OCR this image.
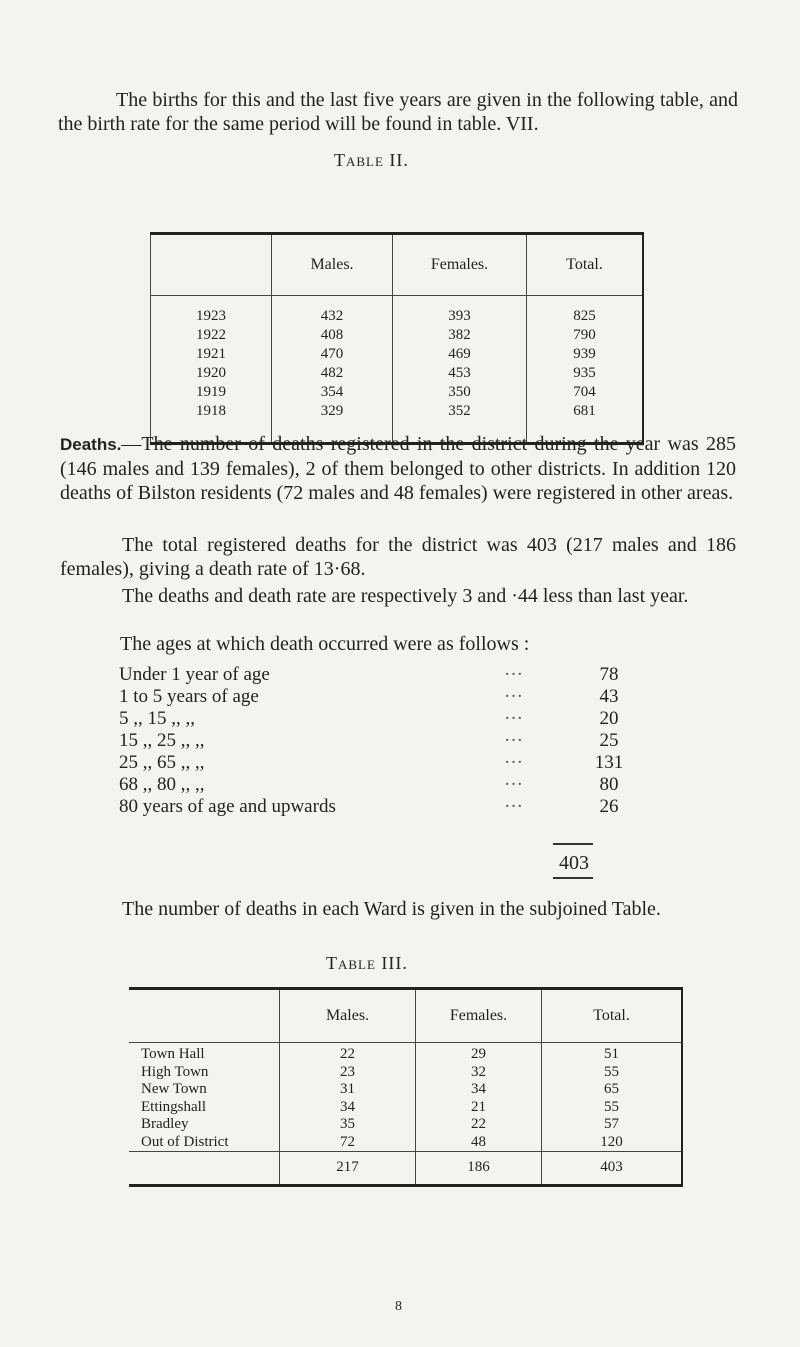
The births for this and the last five years are given in the following table, and the birth rate for the same period will be found in table. VII.

Table II.
	Males.	Females.	Total.
1923	432	393	825
1922	408	382	790
1921	470	469	939
1920	482	453	935
1919	354	350	704
1918	329	352	681

Deaths.—The number of deaths registered in the district during the year was 285 (146 males and 139 females), 2 of them belonged to other districts. In addition 120 deaths of Bilston residents (72 males and 48 females) were registered in other areas.

The total registered deaths for the district was 403 (217 males and 186 females), giving a death rate of 13·68.

The deaths and death rate are respectively 3 and ·44 less than last year.

The ages at which death occurred were as follows :

Under 1 year of age	···	78
1 to 5 years of age	···	43
5 ,, 15 ,, ,,	···	20
15 ,, 25 ,, ,,	···	25
25 ,, 65 ,, ,,	···	131
68 ,, 80 ,, ,,	···	80
80 years of age and upwards	···	26
403

The number of deaths in each Ward is given in the subjoined Table.

Table III.
	Males.	Females.	Total.
Town Hall	22	29	51
High Town	23	32	55
New Town	31	34	65
Ettingshall	34	21	55
Bradley	35	22	57
Out of District	72	48	120
	217	186	403
8
